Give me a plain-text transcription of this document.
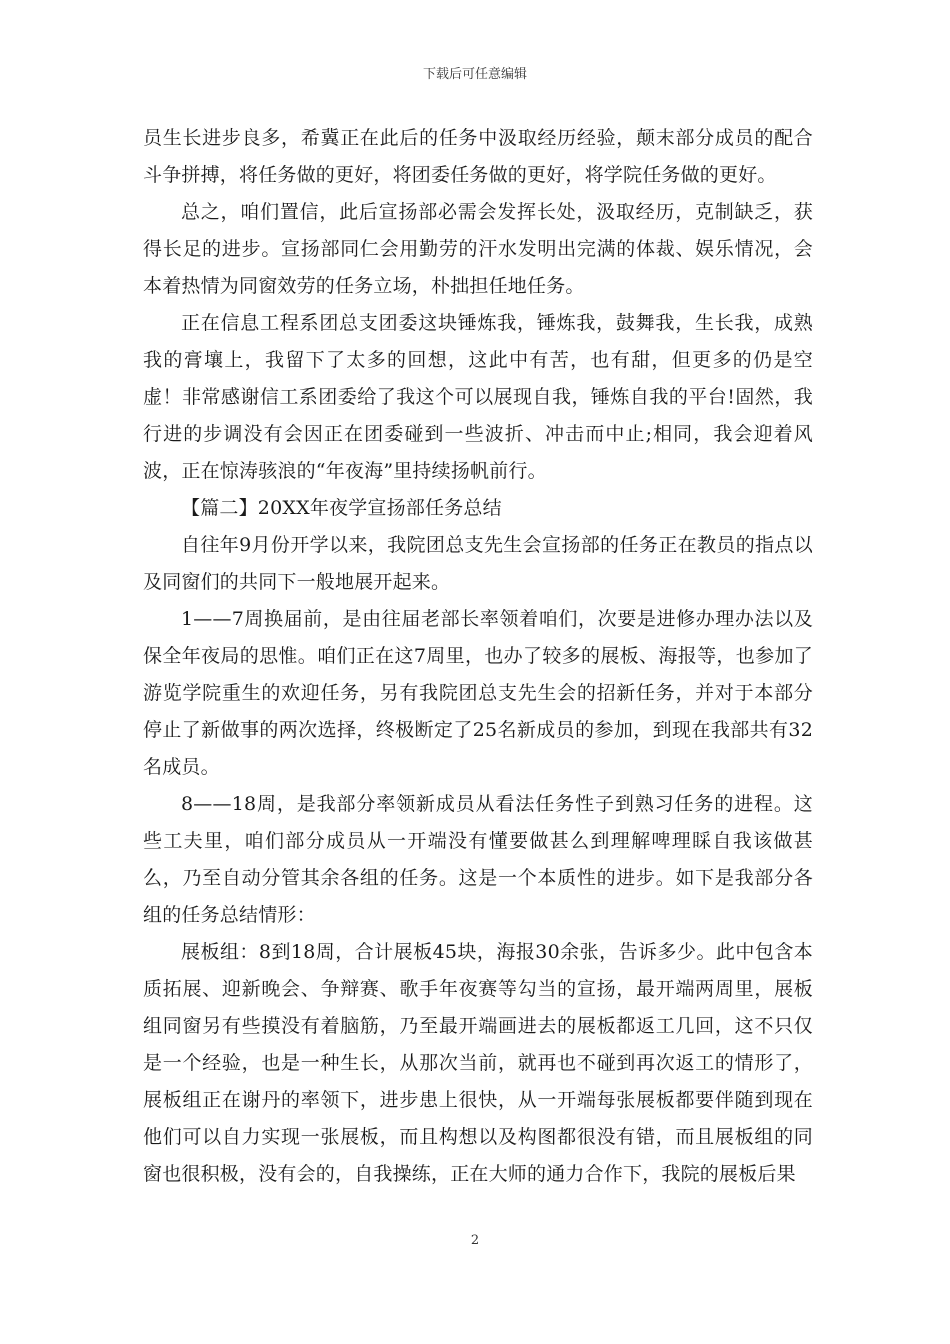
下载后可任意编辑

员生长进步良多，希冀正在此后的任务中汲取经历经验，颠末部分成员的配合斗争拼搏，将任务做的更好，将团委任务做的更好，将学院任务做的更好。

总之，咱们置信，此后宣扬部必需会发挥长处，汲取经历，克制缺乏，获得长足的进步。宣扬部同仁会用勤劳的汗水发明出完满的体裁、娱乐情况，会本着热情为同窗效劳的任务立场，朴拙担任地任务。

正在信息工程系团总支团委这块锤炼我，锤炼我，鼓舞我，生长我，成熟我的膏壤上，我留下了太多的回想，这此中有苦，也有甜，但更多的仍是空虚！非常感谢信工系团委给了我这个可以展现自我，锤炼自我的平台!固然，我行进的步调没有会因正在团委碰到一些波折、冲击而中止;相同，我会迎着风波，正在惊涛骇浪的“年夜海”里持续扬帆前行。

【篇二】20XX年夜学宣扬部任务总结

自往年9月份开学以来，我院团总支先生会宣扬部的任务正在教员的指点以及同窗们的共同下一般地展开起来。

1——7周换届前，是由往届老部长率领着咱们，次要是进修办理办法以及保全年夜局的思惟。咱们正在这7周里，也办了较多的展板、海报等，也参加了游览学院重生的欢迎任务，另有我院团总支先生会的招新任务，并对于本部分停止了新做事的两次选择，终极断定了25名新成员的参加，到现在我部共有32名成员。

8——18周，是我部分率领新成员从看法任务性子到熟习任务的进程。这些工夫里，咱们部分成员从一开端没有懂要做甚么到理解啤理睬自我该做甚么，乃至自动分管其余各组的任务。这是一个本质性的进步。如下是我部分各组的任务总结情形：

展板组：8到18周，合计展板45块，海报30余张，告诉多少。此中包含本质拓展、迎新晚会、争辩赛、歌手年夜赛等勾当的宣扬，最开端两周里，展板组同窗另有些摸没有着脑筋，乃至最开端画进去的展板都返工几回，这不只仅是一个经验，也是一种生长，从那次当前，就再也不碰到再次返工的情形了，展板组正在谢丹的率领下，进步患上很快，从一开端每张展板都要伴随到现在他们可以自力实现一张展板，而且构想以及构图都很没有错，而且展板组的同窗也很积极，没有会的，自我操练，正在大师的通力合作下，我院的展板后果

2
